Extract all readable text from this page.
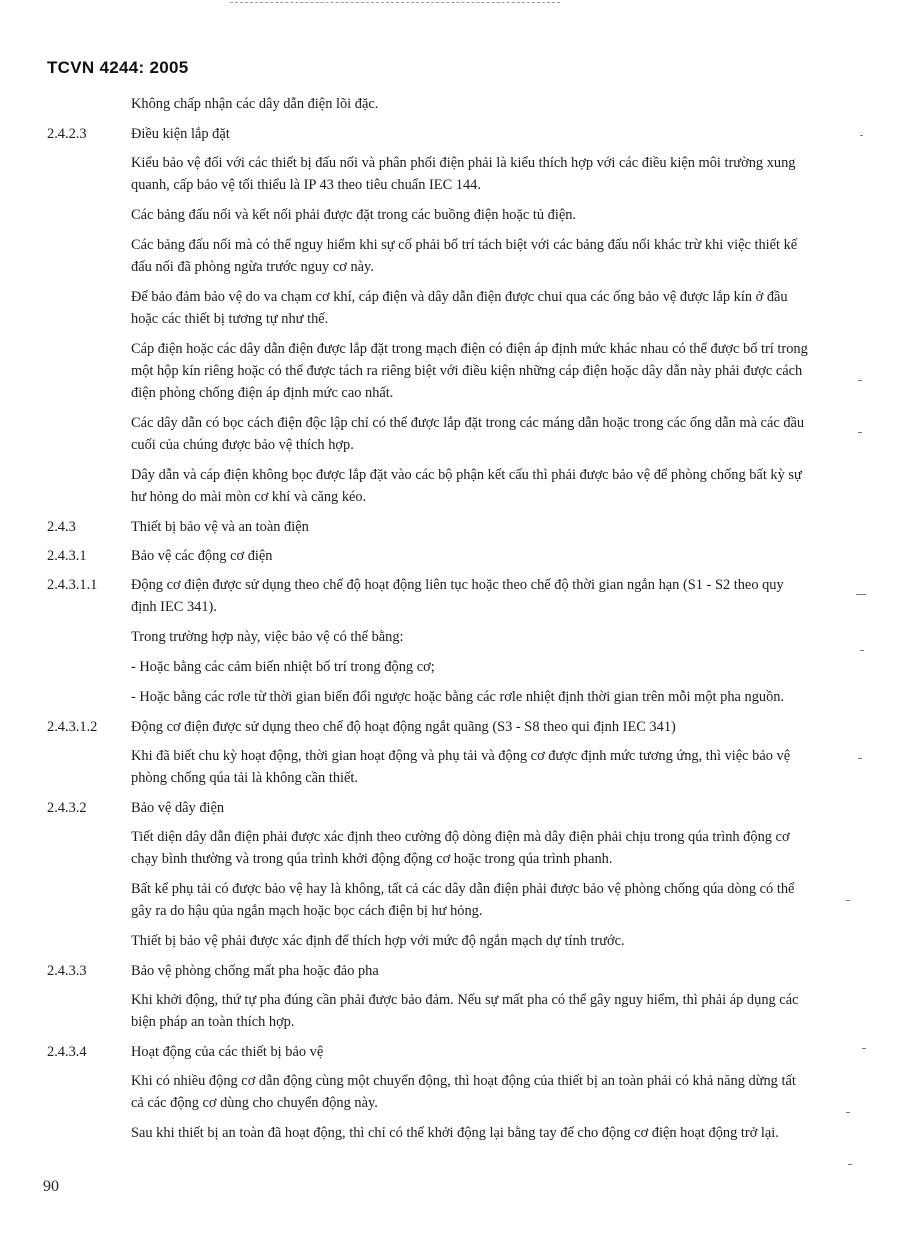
TCVN 4244: 2005
Không chấp nhận các dây dẫn điện lõi đặc.
2.4.2.3	Điều kiện lắp đặt
Kiểu bảo vệ đối với các thiết bị đấu nối và phân phối điện phải là kiểu thích hợp với các điều kiện môi trường xung quanh, cấp bảo vệ tối thiểu là IP 43 theo tiêu chuẩn IEC 144.
Các bảng đấu nối và kết nối phải được đặt trong các buồng điện hoặc tủ điện.
Các bảng đấu nối mà có thể nguy hiểm khi sự cố phải bố trí tách biệt với các bảng đấu nối khác trừ khi việc thiết kế đấu nối đã phòng ngừa trước nguy cơ này.
Để bảo đảm bảo vệ do va chạm cơ khí, cáp điện và dây dẫn điện được chui qua các ống bảo vệ được lắp kín ở đầu hoặc các thiết bị tương tự như thế.
Cáp điện hoặc các dây dẫn điện được lắp đặt trong mạch điện có điện áp định mức khác nhau có thể được bố trí trong một hộp kín riêng hoặc có thể được tách ra riêng biệt với điều kiện những cáp điện hoặc dây dẫn này phải được cách điện phòng chống điện áp định mức cao nhất.
Các dây dẫn có bọc cách điện độc lập chỉ có thể được lắp đặt trong các máng dẫn hoặc trong các ống dẫn mà các đầu cuối của chúng được bảo vệ thích hợp.
Dây dẫn và cáp điện không bọc được lắp đặt vào các bộ phận kết cấu thì phải được bảo vệ để phòng chống bất kỳ sự hư hỏng do mài mòn cơ khí và căng kéo.
2.4.3	Thiết bị bảo vệ và an toàn điện
2.4.3.1	Bảo vệ các động cơ điện
2.4.3.1.1 Động cơ điện được sử dụng theo chế độ hoạt động liên tục hoặc theo chế độ thời gian ngắn hạn (S1 - S2 theo quy định IEC 341).
Trong trường hợp này, việc bảo vệ có thể bằng:
- Hoặc bằng các cảm biến nhiệt bố trí trong động cơ;
- Hoặc bằng các rơle từ thời gian biến đổi ngược hoặc bằng các rơle nhiệt định thời gian trên mỗi một pha nguồn.
2.4.3.1.2 Động cơ điện được sử dụng theo chế độ hoạt động ngắt quãng (S3 - S8 theo qui định IEC 341)
Khi đã biết chu kỳ hoạt động, thời gian hoạt động và phụ tải và động cơ được định mức tương ứng, thì việc bảo vệ phòng chống qúa tải là không cần thiết.
2.4.3.2	Bảo vệ dây điện
Tiết diện dây dẫn điện phải được xác định theo cường độ dòng điện mà dây điện phải chịu trong qúa trình động cơ chạy bình thường và trong qúa trình khởi động động cơ hoặc trong qúa trình phanh.
Bất kể phụ tải có được bảo vệ hay là không, tất cả các dây dẫn điện phải được bảo vệ phòng chống qúa dòng có thể gây ra do hậu qủa ngắn mạch hoặc bọc cách điện bị hư hỏng.
Thiết bị bảo vệ phải được xác định để thích hợp với mức độ ngắn mạch dự tính trước.
2.4.3.3	Bảo vệ phòng chống mất pha hoặc đảo pha
Khi khởi động, thứ tự pha đúng cần phải được bảo đảm. Nếu sự mất pha có thể gây nguy hiểm, thì phải áp dụng các biện pháp an toàn thích hợp.
2.4.3.4	Hoạt động của các thiết bị bảo vệ
Khi có nhiều động cơ dẫn động cùng một chuyển động, thì hoạt động của thiết bị an toàn phải có khả năng dừng tất cả các động cơ dùng cho chuyển động này.
Sau khi thiết bị an toàn đã hoạt động, thì chỉ có thể khởi động lại bằng tay để cho động cơ điện hoạt động trở lại.
90
